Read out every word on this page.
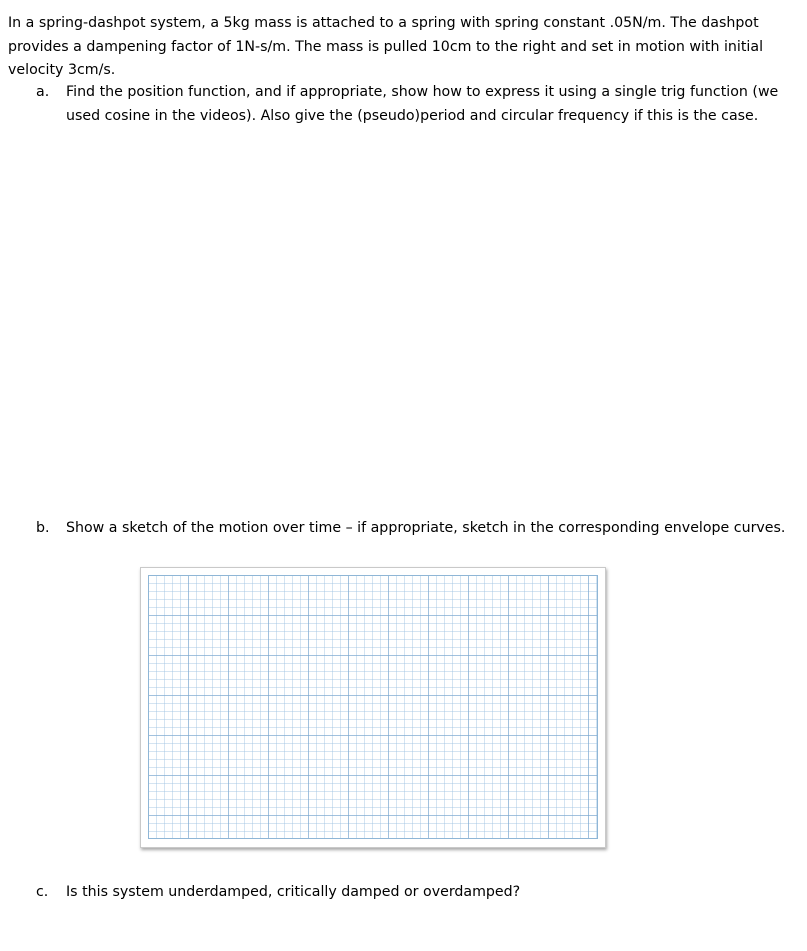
In a spring-dashpot system, a 5kg mass is attached to a spring with spring constant .05N/m. The dashpot provides a dampening factor of 1N-s/m. The mass is pulled 10cm to the right and set in motion with initial velocity 3cm/s.

a.	Find the position function, and if appropriate, show how to express it using a single trig function (we used cosine in the videos). Also give the (pseudo)period and circular frequency if this is the case.
b.	Show a sketch of the motion over time – if appropriate, sketch in the corresponding envelope curves.
c.	Is this system underdamped, critically damped or overdamped?
